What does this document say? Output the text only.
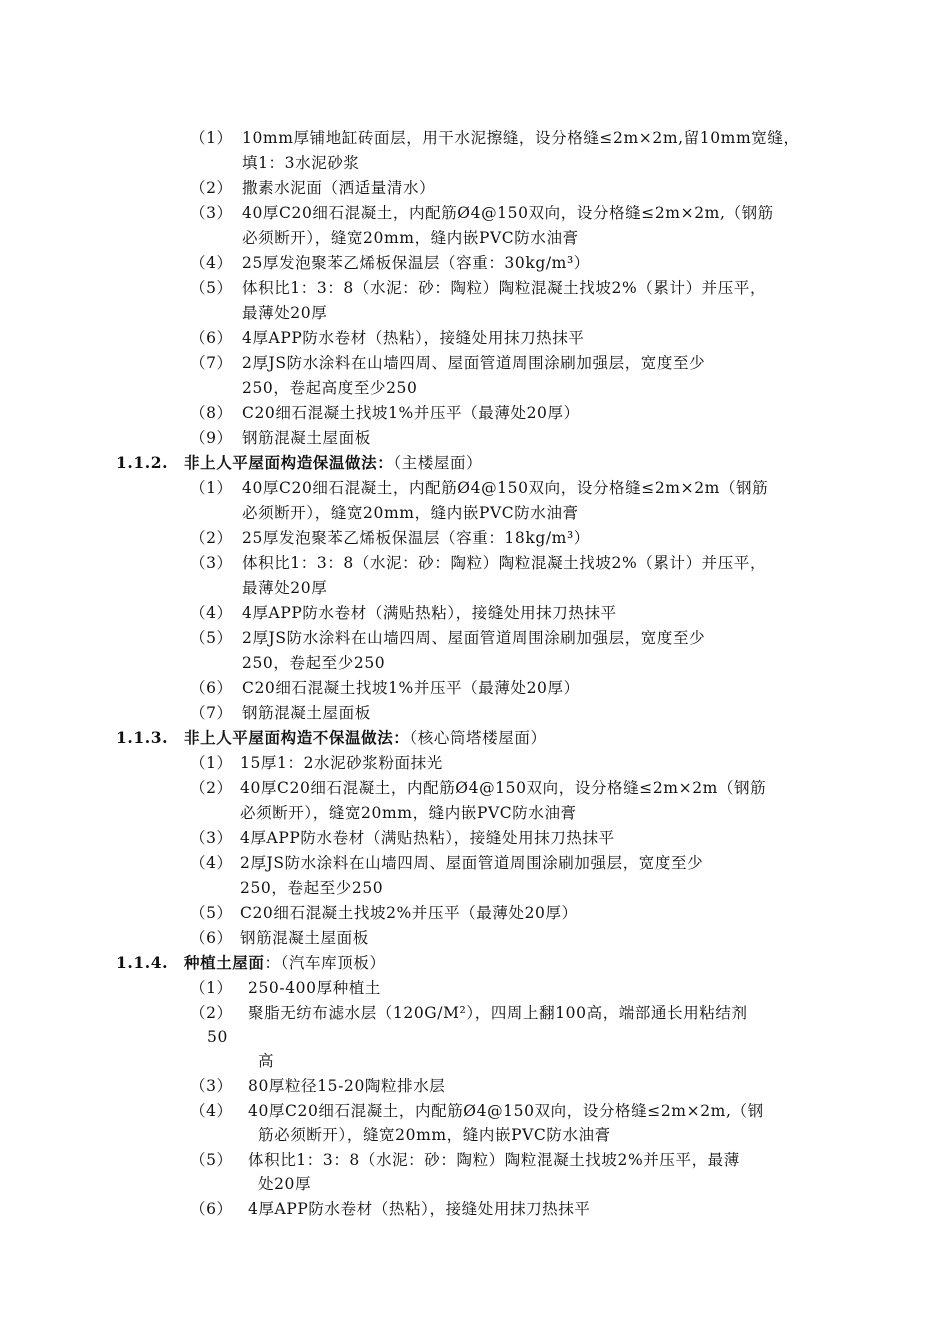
（1） 10mm厚铺地缸砖面层，用干水泥擦缝，设分格缝≤2m×2m,留10mm宽缝，
填1：3水泥砂浆
（2） 撒素水泥面（洒适量清水）
（3） 40厚C20细石混凝土，内配筋Ø4@150双向，设分格缝≤2m×2m,（钢筋
必须断开），缝宽20mm，缝内嵌PVC防水油膏
（4） 25厚发泡聚苯乙烯板保温层（容重：30kg/m³）
（5） 体积比1：3：8（水泥：砂：陶粒）陶粒混凝土找坡2%（累计）并压平，
最薄处20厚
（6） 4厚APP防水卷材（热粘），接缝处用抹刀热抹平
（7） 2厚JS防水涂料在山墙四周、屋面管道周围涂刷加强层，宽度至少
250，卷起高度至少250
（8） C20细石混凝土找坡1%并压平（最薄处20厚）
（9） 钢筋混凝土屋面板
1.1.2. 非上人平屋面构造保温做法：（主楼屋面）
（1） 40厚C20细石混凝土，内配筋Ø4@150双向，设分格缝≤2m×2m（钢筋
必须断开），缝宽20mm，缝内嵌PVC防水油膏
（2） 25厚发泡聚苯乙烯板保温层（容重：18kg/m³）
（3） 体积比1：3：8（水泥：砂：陶粒）陶粒混凝土找坡2%（累计）并压平，
最薄处20厚
（4） 4厚APP防水卷材（满贴热粘），接缝处用抹刀热抹平
（5） 2厚JS防水涂料在山墙四周、屋面管道周围涂刷加强层，宽度至少
250，卷起至少250
（6） C20细石混凝土找坡1%并压平（最薄处20厚）
（7） 钢筋混凝土屋面板
1.1.3. 非上人平屋面构造不保温做法：（核心筒塔楼屋面）
（1） 15厚1：2水泥砂浆粉面抹光
（2） 40厚C20细石混凝土，内配筋Ø4@150双向，设分格缝≤2m×2m（钢筋
必须断开），缝宽20mm，缝内嵌PVC防水油膏
（3） 4厚APP防水卷材（满贴热粘），接缝处用抹刀热抹平
（4） 2厚JS防水涂料在山墙四周、屋面管道周围涂刷加强层，宽度至少
250，卷起至少250
（5） C20细石混凝土找坡2%并压平（最薄处20厚）
（6） 钢筋混凝土屋面板
1.1.4. 种植土屋面：（汽车库顶板）
（1） 250-400厚种植土
（2） 聚脂无纺布滤水层（120G/M²），四周上翻100高，端部通长用粘结剂
50
高
（3） 80厚粒径15-20陶粒排水层
（4） 40厚C20细石混凝土，内配筋Ø4@150双向，设分格缝≤2m×2m,（钢
筋必须断开），缝宽20mm，缝内嵌PVC防水油膏
（5） 体积比1：3：8（水泥：砂：陶粒）陶粒混凝土找坡2%并压平，最薄
处20厚
（6） 4厚APP防水卷材（热粘），接缝处用抹刀热抹平
